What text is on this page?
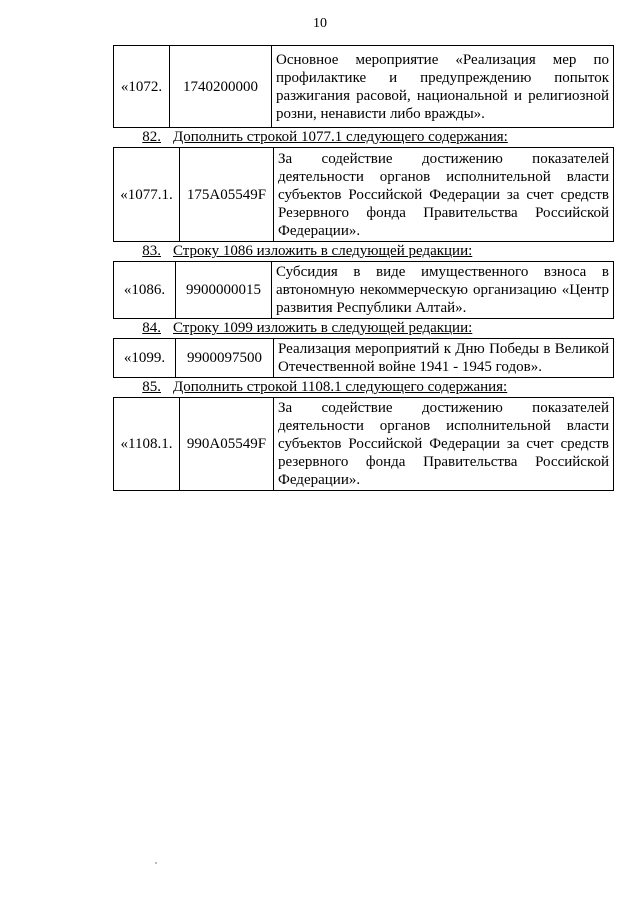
10
«1072.	1740200000	Основное мероприятие «Реализация мер по профилактике и предупреждению попыток разжигания расовой, национальной и религиозной розни, ненависти либо вражды».
82. Дополнить строкой 1077.1 следующего содержания:
«1077.1.	175А05549F	За содействие достижению показателей деятельности органов исполнительной власти субъектов Российской Федерации за счет средств Резервного фонда Правительства Российской Федерации».
83. Строку 1086 изложить в следующей редакции:
«1086.	9900000015	Субсидия в виде имущественного взноса в автономную некоммерческую организацию «Центр развития Республики Алтай».
84. Строку 1099 изложить в следующей редакции:
«1099.	9900097500	Реализация мероприятий к Дню Победы в Великой Отечественной войне 1941 - 1945 годов».
85. Дополнить строкой 1108.1 следующего содержания:
«1108.1.	990А05549F	За содействие достижению показателей деятельности органов исполнительной власти субъектов Российской Федерации за счет средств резервного фонда Правительства Российской Федерации».
